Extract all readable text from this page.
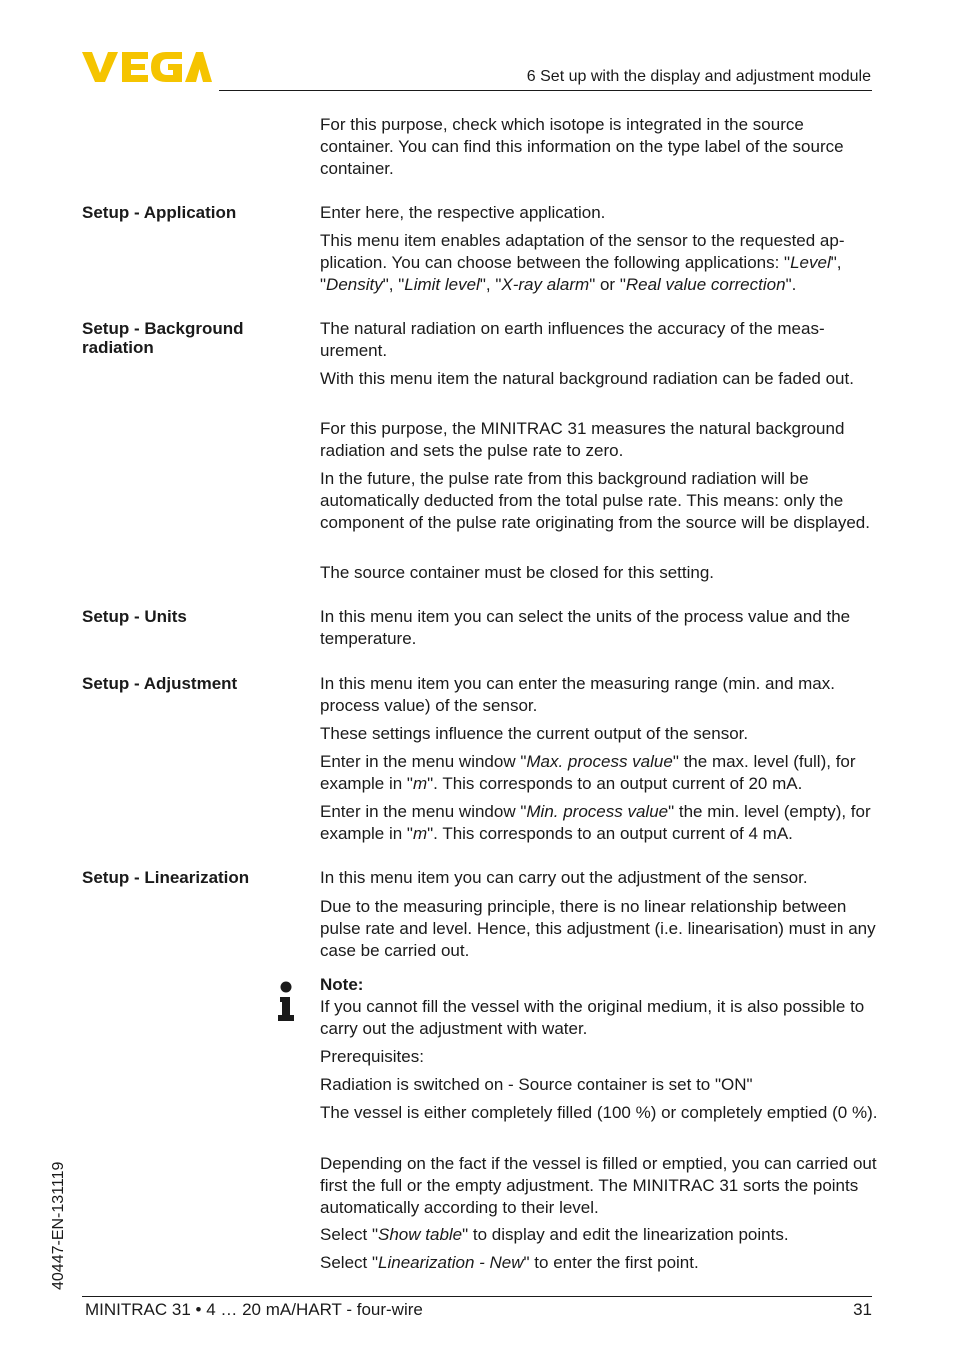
6 Set up with the display and adjustment module

For this purpose, check which isotope is integrated in the source container. You can find this information on the type label of the source container.

Setup - Application	Enter here, the respective application.

This menu item enables adaptation of the sensor to the requested application. You can choose between the following applications: "Level", "Density", "Limit level", "X-ray alarm" or "Real value correction".

Setup - Background radiation

The natural radiation on earth influences the accuracy of the measurement.

With this menu item the natural background radiation can be faded out.

For this purpose, the MINITRAC 31 measures the natural background radiation and sets the pulse rate to zero.

In the future, the pulse rate from this background radiation will be automatically deducted from the total pulse rate. This means: only the component of the pulse rate originating from the source will be displayed.

The source container must be closed for this setting.

Setup - Units	In this menu item you can select the units of the process value and the temperature.

Setup - Adjustment	In this menu item you can enter the measuring range (min. and max. process value) of the sensor.

These settings influence the current output of the sensor.

Enter in the menu window "Max. process value" the max. level (full), for example in "m". This corresponds to an output current of 20 mA.

Enter in the menu window "Min. process value" the min. level (empty), for example in "m". This corresponds to an output current of 4 mA.

Setup - Linearization	In this menu item you can carry out the adjustment of the sensor.

Due to the measuring principle, there is no linear relationship between pulse rate and level. Hence, this adjustment (i.e. linearisation) must in any case be carried out.

Note:

If you cannot fill the vessel with the original medium, it is also possible to carry out the adjustment with water.

Prerequisites:

Radiation is switched on - Source container is set to "ON"

The vessel is either completely filled (100 %) or completely emptied (0 %).

Depending on the fact if the vessel is filled or emptied, you can carried out first the full or the empty adjustment. The MINITRAC 31 sorts the points automatically according to their level.

Select "Show table" to display and edit the linearization points.

Select "Linearization - New" to enter the first point.

40447-EN-131119
MINITRAC 31 • 4 … 20 mA/HART - four-wire	31
